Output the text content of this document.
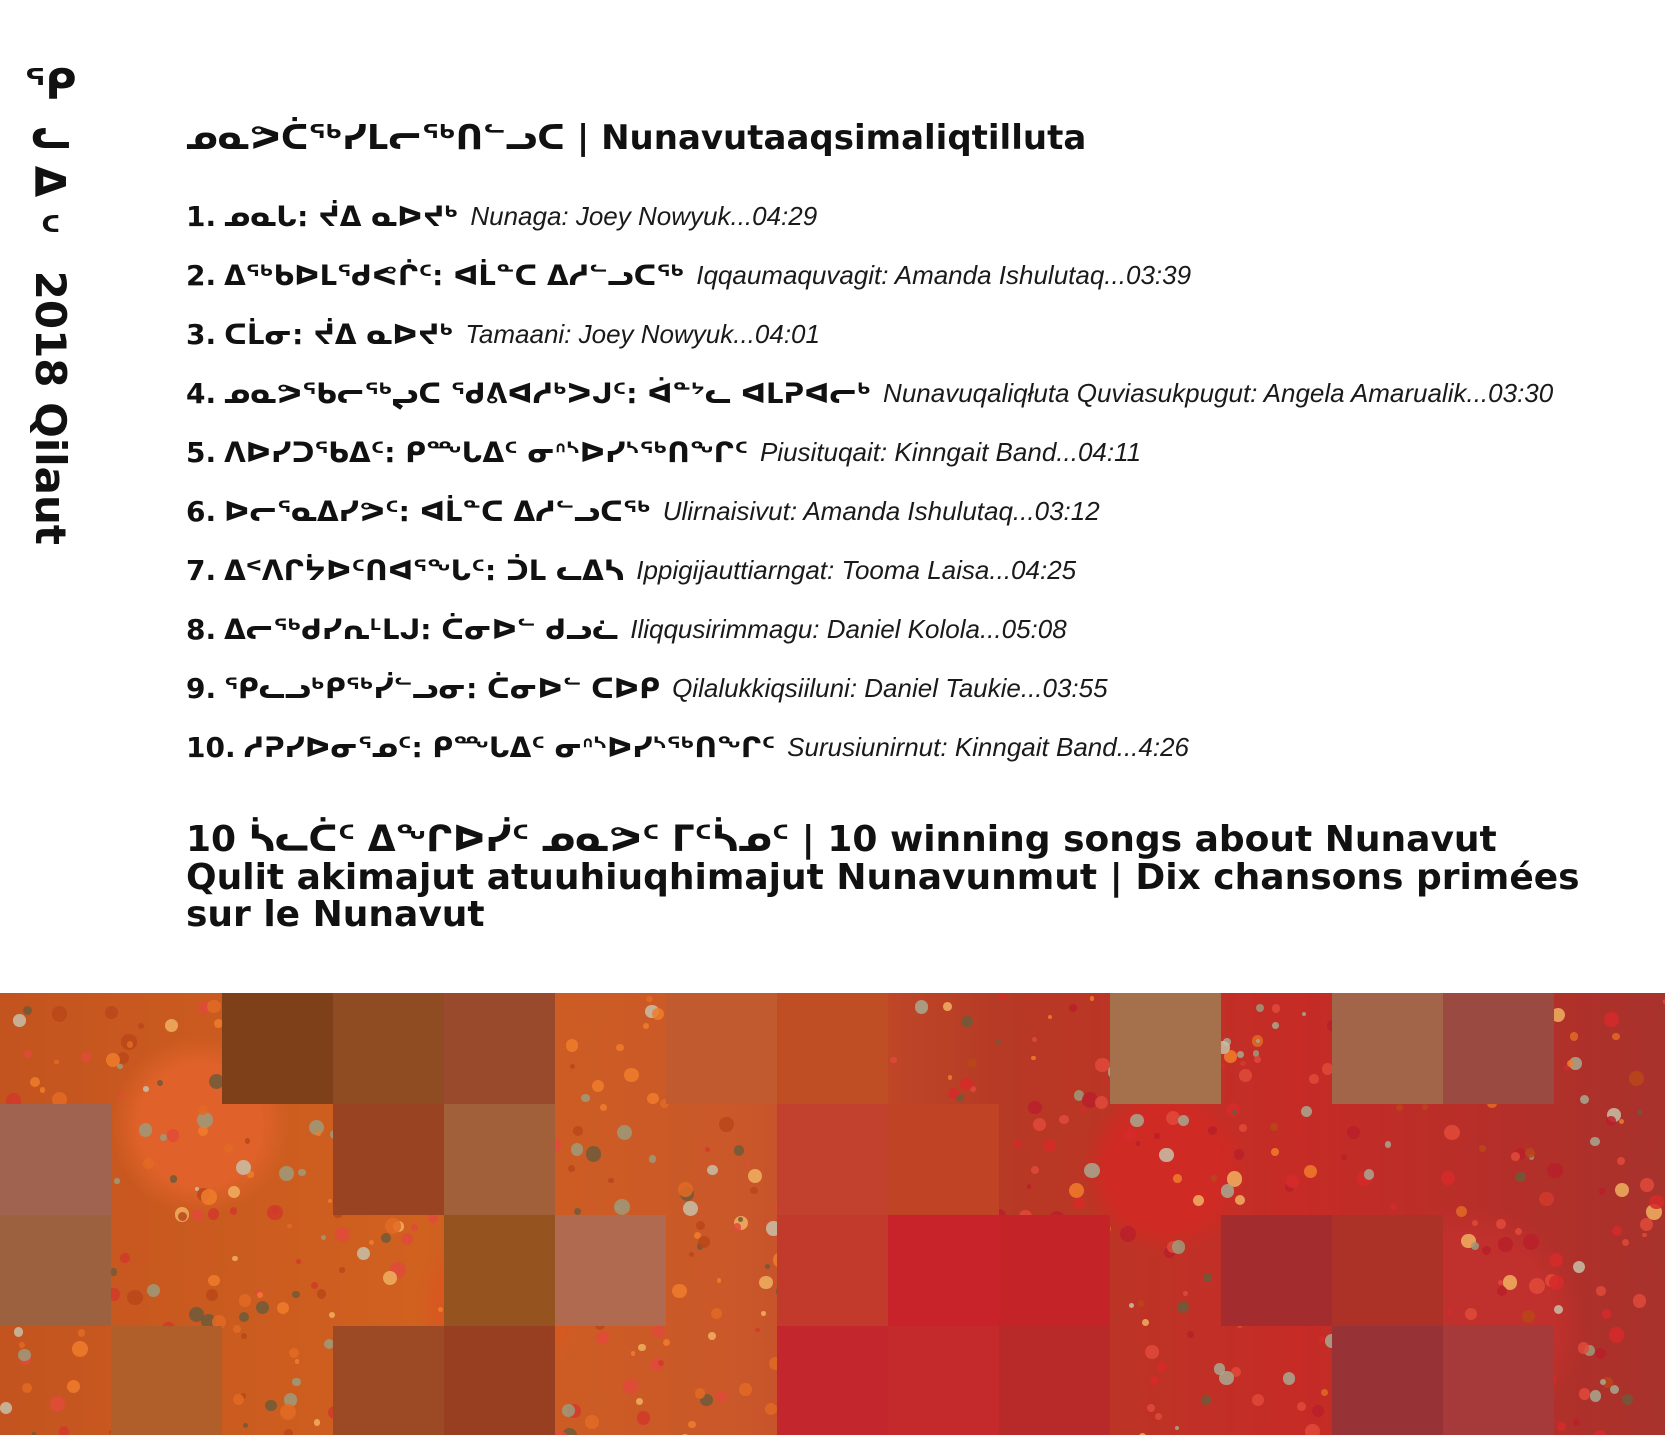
ᕿᓚᐅᑦ 2018 Qilaut	ᓄᓇᕗᑖᖅᓯᒪᓕᖅᑎᓪᓗᑕ | Nunavutaaqsimaliqtilluta
1. ᓄᓇᒐ: ᔫᐃ ᓇᐅᔪᒃ Nunaga: Joey Nowyuk...04:29
2. ᐃᖅᑲᐅᒪᖁᕙᒌᑦ: ᐊᒫᓐᑕ ᐃᓱᓪᓗᑕᖅ Iqqaumaquvagit: Amanda Ishulutaq...03:39
3. ᑕᒫᓂ: ᔫᐃ ᓇᐅᔪᒃ Tamaani: Joey Nowyuk...04:01
4. ᓄᓇᕗᖃᓕᖅᖢᑕ ᖁᕕᐊᓱᒃᐳᒍᑦ: ᐋᓐᔾᓚ ᐊᒪᕈᐊᓕᒃ Nunavuqaliqłuta Quviasukpugut: Angela Amarualik...03:30
5. ᐱᐅᓯᑐᖃᐃᑦ: ᑭᙵᐃᑦ ᓂᐢᔅᐅᓯᔅᖅᑎᖕᒋᑦ Piusituqait: Kinngait Band...04:11
6. ᐅᓕᕐᓇᐃᓯᕗᑦ: ᐊᒫᓐᑕ ᐃᓱᓪᓗᑕᖅ Ulirnaisivut: Amanda Ishulutaq...03:12
7. ᐃᑉᐱᒋᔮᐅᑦᑎᐊᕐᖓᑦ: ᑑᒪ ᓚᐃᓴ Ippigijauttiarngat: Tooma Laisa...04:25
8. ᐃᓕᖅᑯᓯᕆᒻᒪᒍ: ᑖᓂᐅᓪ ᑯᓗᓛ Iliqqusirimmagu: Daniel Kolola...05:08
9. ᕿᓚᓗᒃᑭᖅᓰᓪᓗᓂ: ᑖᓂᐅᓪ ᑕᐅᑭ Qilalukkiqsiiluni: Daniel Taukie...03:55
10. ᓱᕈᓯᐅᓂᕐᓄᑦ: ᑭᙵᐃᑦ ᓂᐢᔅᐅᓯᔅᖅᑎᖕᒋᑦ Surusiunirnut: Kinngait Band...4:26
10 ᓵᓚᑖᑦ ᐃᖕᒋᐅᓰᑦ ᓄᓇᕗᑦ ᒥᑦᓵᓄᑦ | 10 winning songs about Nunavut
Qulit akimajut atuuhiuqhimajut Nunavunmut | Dix chansons primées sur le Nunavut
